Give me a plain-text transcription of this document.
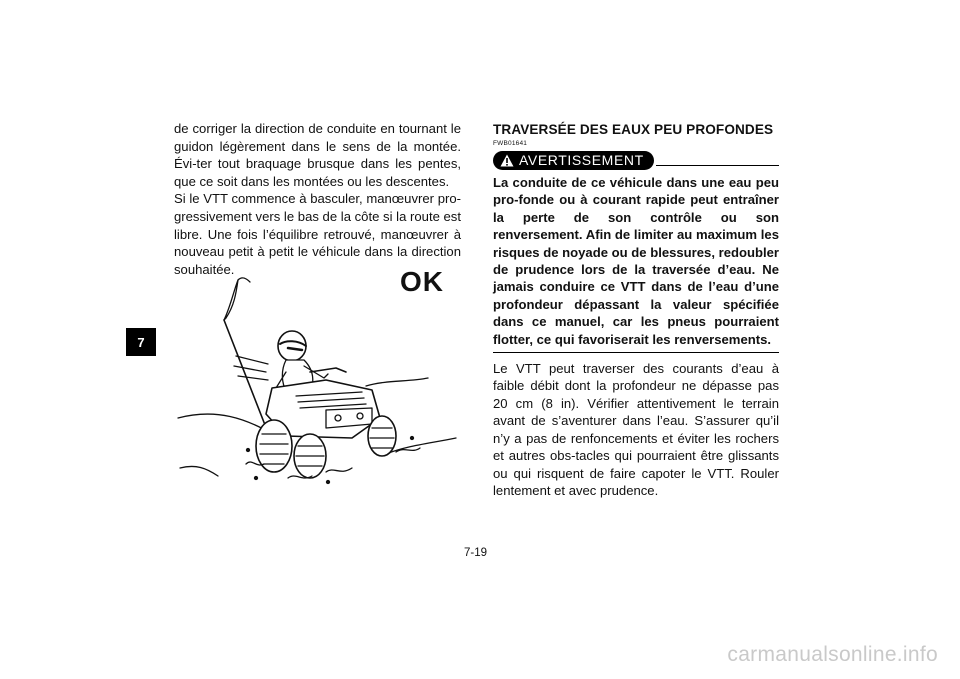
7

de corriger la direction de conduite en tournant le guidon légèrement dans le sens de la montée. Évi-ter tout braquage brusque dans les pentes, que ce soit dans les montées ou les descentes.

Si le VTT commence à basculer, manœuvrer pro-gressivement vers le bas de la côte si la route est libre. Une fois l’équilibre retrouvé, manœuvrer à nouveau petit à petit le véhicule dans la direction souhaitée.	OK
TRAVERSÉE DES EAUX PEU PROFONDES
FWB01641
AVERTISSEMENT

La conduite de ce véhicule dans une eau peu pro-fonde ou à courant rapide peut entraîner la perte de son contrôle ou son renversement. Afin de limiter au maximum les risques de noyade ou de blessures, redoubler de prudence lors de la traversée d’eau. Ne jamais conduire ce VTT dans de l’eau d’une profondeur dépassant la valeur spécifiée dans ce manuel, car les pneus pourraient flotter, ce qui favoriserait les renversements.

Le VTT peut traverser des courants d’eau à faible débit dont la profondeur ne dépasse pas 20 cm (8 in). Vérifier attentivement le terrain avant de s’aventurer dans l’eau. S’assurer qu’il n’y a pas de renfoncements et éviter les rochers et autres obs-tacles qui pourraient être glissants ou qui risquent de faire capoter le VTT. Rouler lentement et avec prudence.

7-19
carmanualsonline.info
